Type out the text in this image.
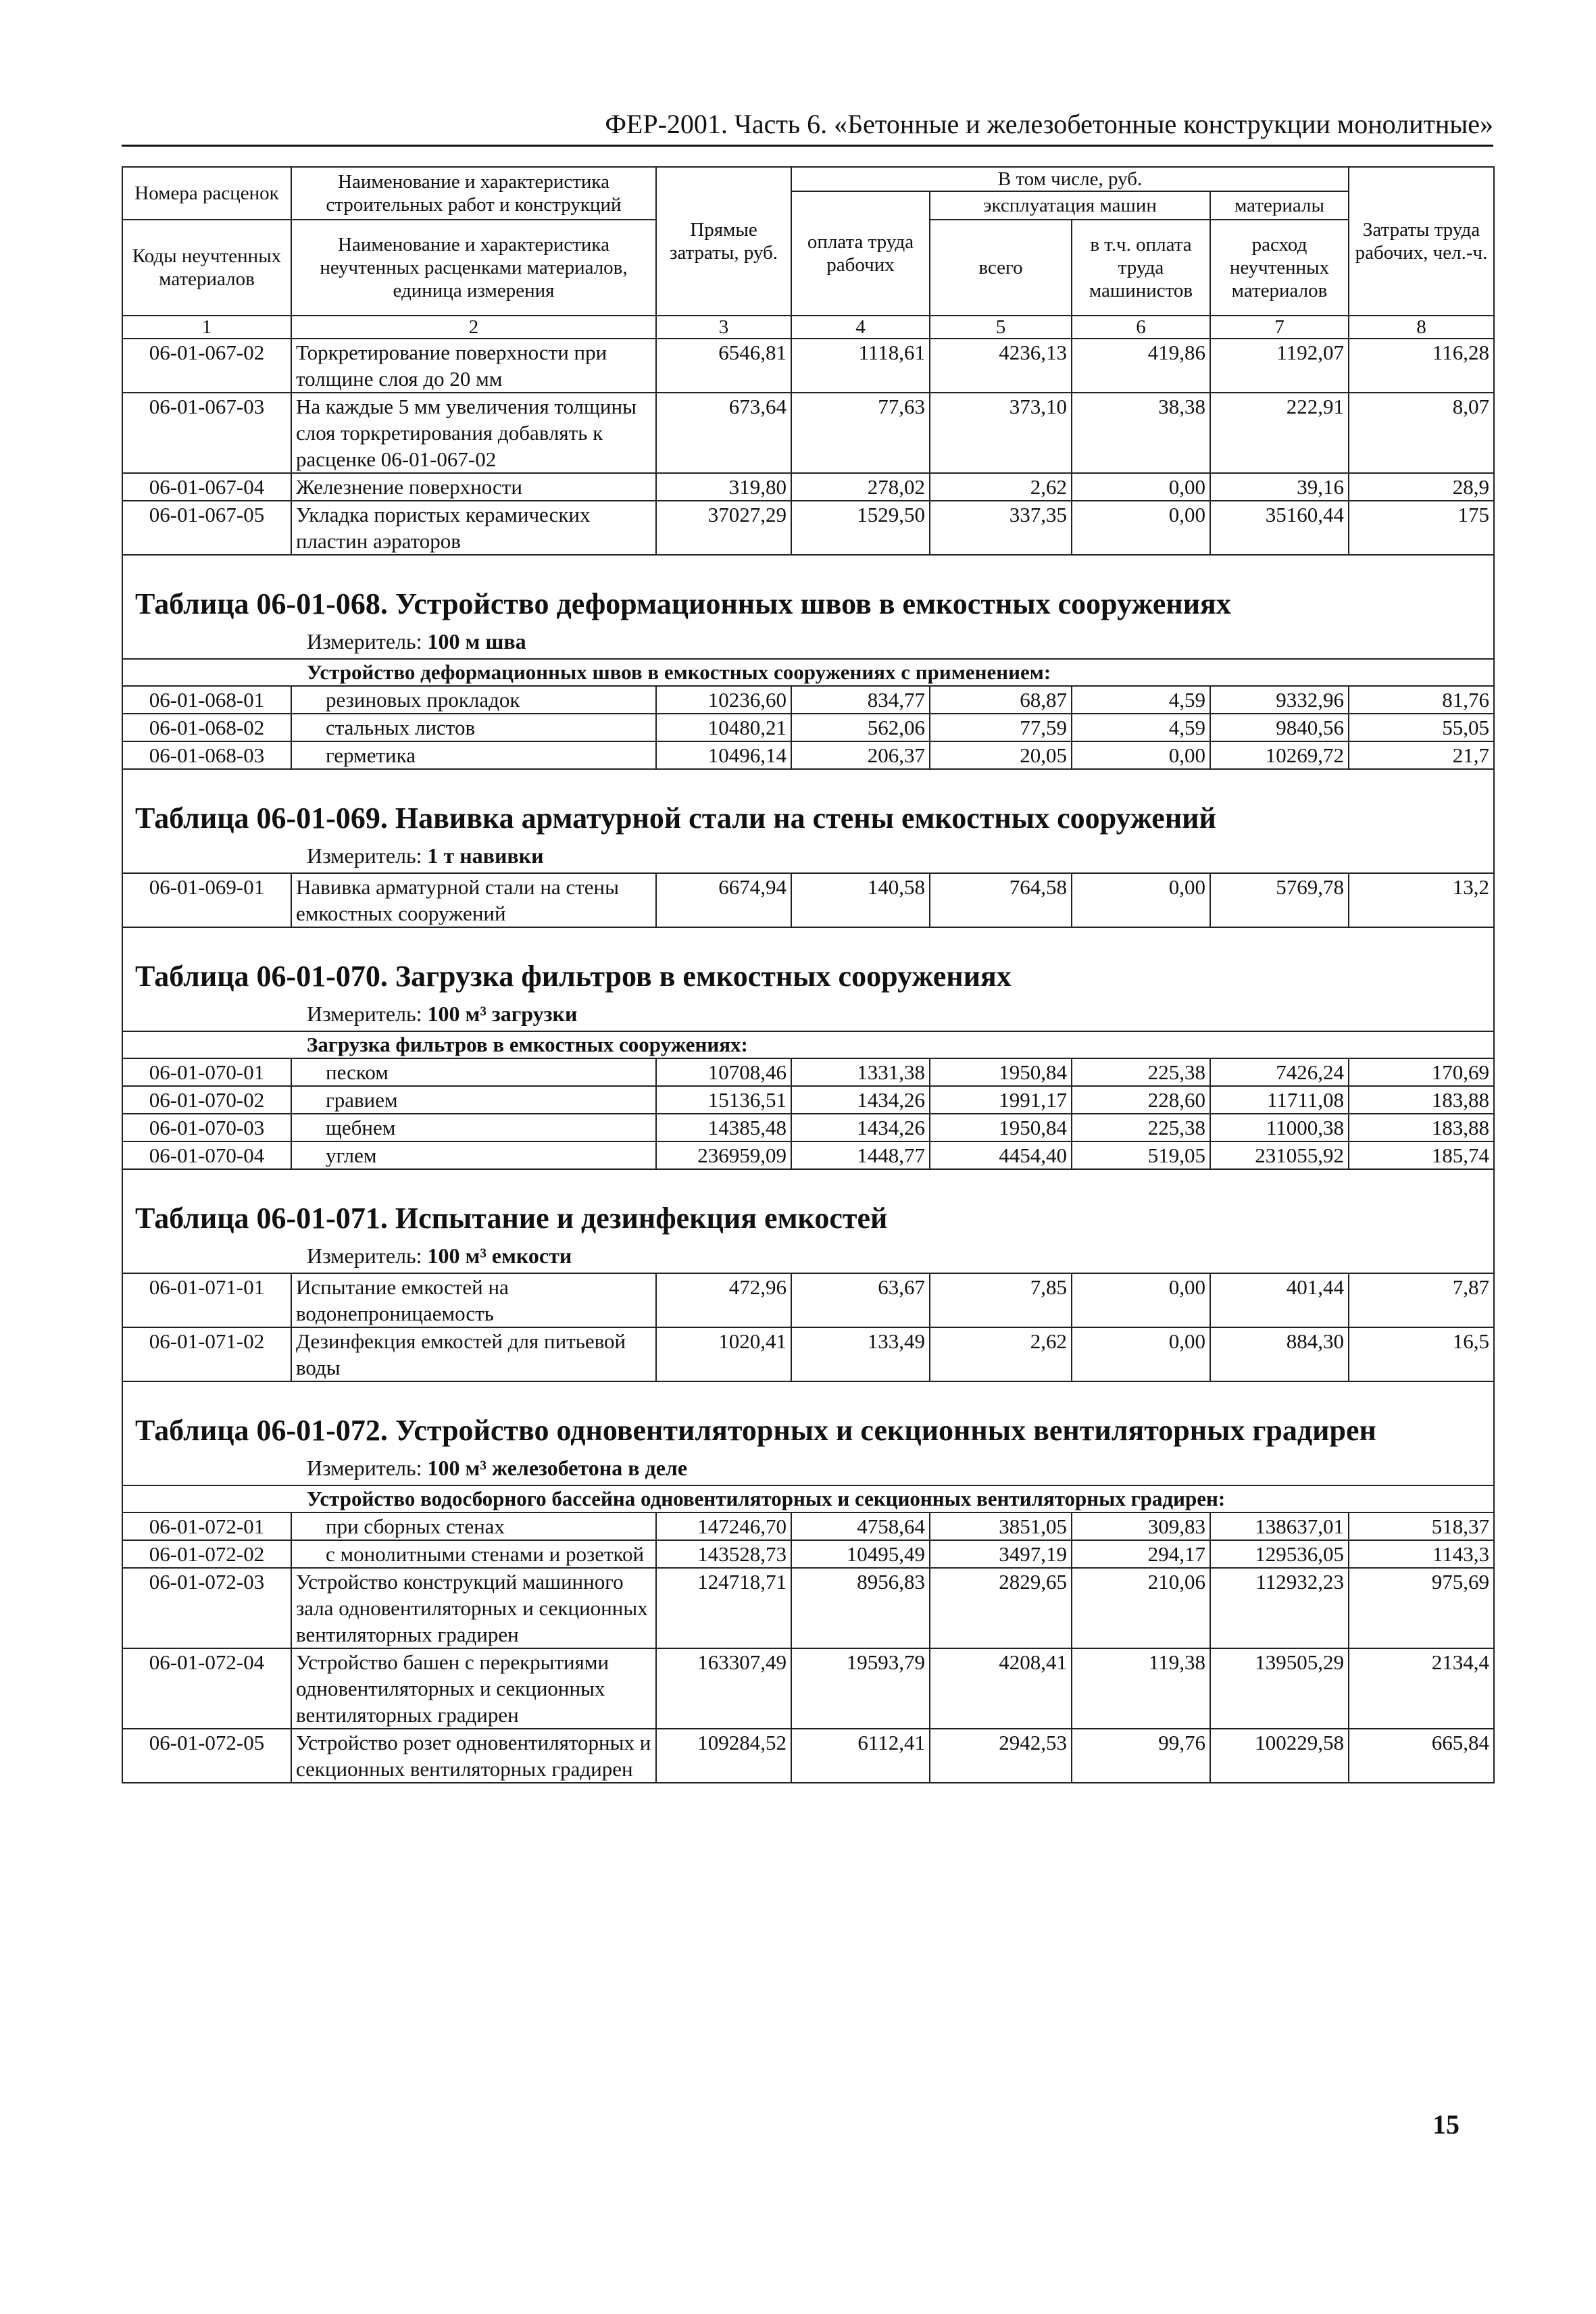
ФЕР-2001. Часть 6. «Бетонные и железобетонные конструкции монолитные»
Номера расценок	Наименование и характеристика строительных работ и конструкций	Прямые затраты, руб.	В том числе, руб.				Затраты труда рабочих, чел.-ч.
			оплата труда рабочих	эксплуатация машин		материалы	
Коды неучтенных материалов	Наименование и характеристика неучтенных расценками материалов, единица измерения			всего	в т.ч. оплата труда машинистов	расход неучтенных материалов	

1	2	3	4	5	6	7	8
06-01-067-02	Торкретирование поверхности при толщине слоя до 20 мм	6546,81	1118,61	4236,13	419,86	1192,07	116,28
06-01-067-03	На каждые 5 мм увеличения толщины слоя торкретирования добавлять к расценке 06-01-067-02	673,64	77,63	373,10	38,38	222,91	8,07
06-01-067-04	Железнение поверхности	319,80	278,02	2,62	0,00	39,16	28,9
06-01-067-05	Укладка пористых керамических пластин аэраторов	37027,29	1529,50	337,35	0,00	35160,44	175

Таблица 06-01-068. Устройство деформационных швов в емкостных сооружениях							
Измеритель: 100 м шва							
Устройство деформационных швов в емкостных сооружениях с применением:							
06-01-068-01	резиновых прокладок	10236,60	834,77	68,87	4,59	9332,96	81,76
06-01-068-02	стальных листов	10480,21	562,06	77,59	4,59	9840,56	55,05
06-01-068-03	герметика	10496,14	206,37	20,05	0,00	10269,72	21,7

Таблица 06-01-069. Навивка арматурной стали на стены емкостных сооружений							
Измеритель: 1 т навивки							
06-01-069-01	Навивка арматурной стали на стены емкостных сооружений	6674,94	140,58	764,58	0,00	5769,78	13,2

Таблица 06-01-070. Загрузка фильтров в емкостных сооружениях							
Измеритель: 100 м³ загрузки							
Загрузка фильтров в емкостных сооружениях:							
06-01-070-01	песком	10708,46	1331,38	1950,84	225,38	7426,24	170,69
06-01-070-02	гравием	15136,51	1434,26	1991,17	228,60	11711,08	183,88
06-01-070-03	щебнем	14385,48	1434,26	1950,84	225,38	11000,38	183,88
06-01-070-04	углем	236959,09	1448,77	4454,40	519,05	231055,92	185,74

Таблица 06-01-071. Испытание и дезинфекция емкостей							
Измеритель: 100 м³ емкости							
06-01-071-01	Испытание емкостей на водонепроницаемость	472,96	63,67	7,85	0,00	401,44	7,87
06-01-071-02	Дезинфекция емкостей для питьевой воды	1020,41	133,49	2,62	0,00	884,30	16,5

Таблица 06-01-072. Устройство одновентиляторных и секционных вентиляторных градирен							
Измеритель: 100 м³ железобетона в деле							
Устройство водосборного бассейна одновентиляторных и секционных вентиляторных градирен:							
06-01-072-01	при сборных стенах	147246,70	4758,64	3851,05	309,83	138637,01	518,37
06-01-072-02	с монолитными стенами и розеткой	143528,73	10495,49	3497,19	294,17	129536,05	1143,3
06-01-072-03	Устройство конструкций машинного зала одновентиляторных и секционных вентиляторных градирен	124718,71	8956,83	2829,65	210,06	112932,23	975,69
06-01-072-04	Устройство башен с перекрытиями одновентиляторных и секционных вентиляторных градирен	163307,49	19593,79	4208,41	119,38	139505,29	2134,4
06-01-072-05	Устройство розет одновентиляторных и секционных вентиляторных градирен	109284,52	6112,41	2942,53	99,76	100229,58	665,84
15
